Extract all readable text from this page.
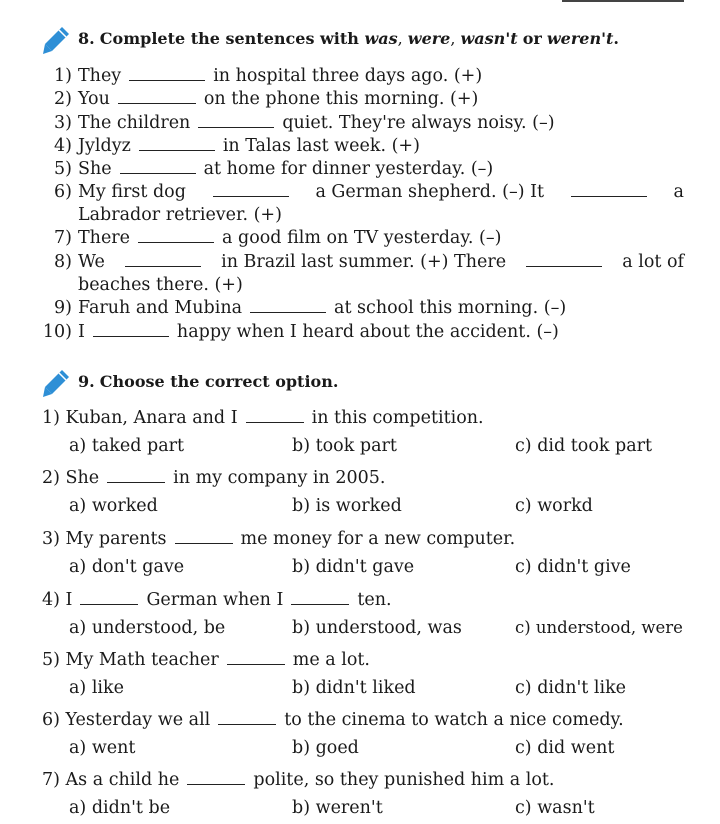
8. Complete the sentences with was, were, wasn't or weren't.
1) They	in hospital three days ago. (+)
2) You	on the phone this morning. (+)
3) The children	quiet. They're always noisy. (–)
4) Jyldyz	in Talas last week. (+)
5) She	at home for dinner yesterday. (–)
6) My first dog	a German shepherd. (–) It	a
Labrador retriever. (+)
7) There	a good film on TV yesterday. (–)
8) We	in Brazil last summer. (+) There	a lot of
beaches there. (+)
9) Faruh and Mubina	at school this morning. (–)
10) I	happy when I heard about the accident. (–)
9. Choose the correct option.
1) Kuban, Anara and I	in this competition.
a) taked part	b) took part	c) did took part
2) She	in my company in 2005.
a) worked	b) is worked	c) workd
3) My parents	me money for a new computer.
a) don't gave	b) didn't gave	c) didn't give
4) I	German when I	ten.
a) understood, be	b) understood, was	c) understood, were
5) My Math teacher	me a lot.
a) like	b) didn't liked	c) didn't like
6) Yesterday we all	to the cinema to watch a nice comedy.
a) went	b) goed	c) did went
7) As a child he	polite, so they punished him a lot.
a) didn't be	b) weren't	c) wasn't
